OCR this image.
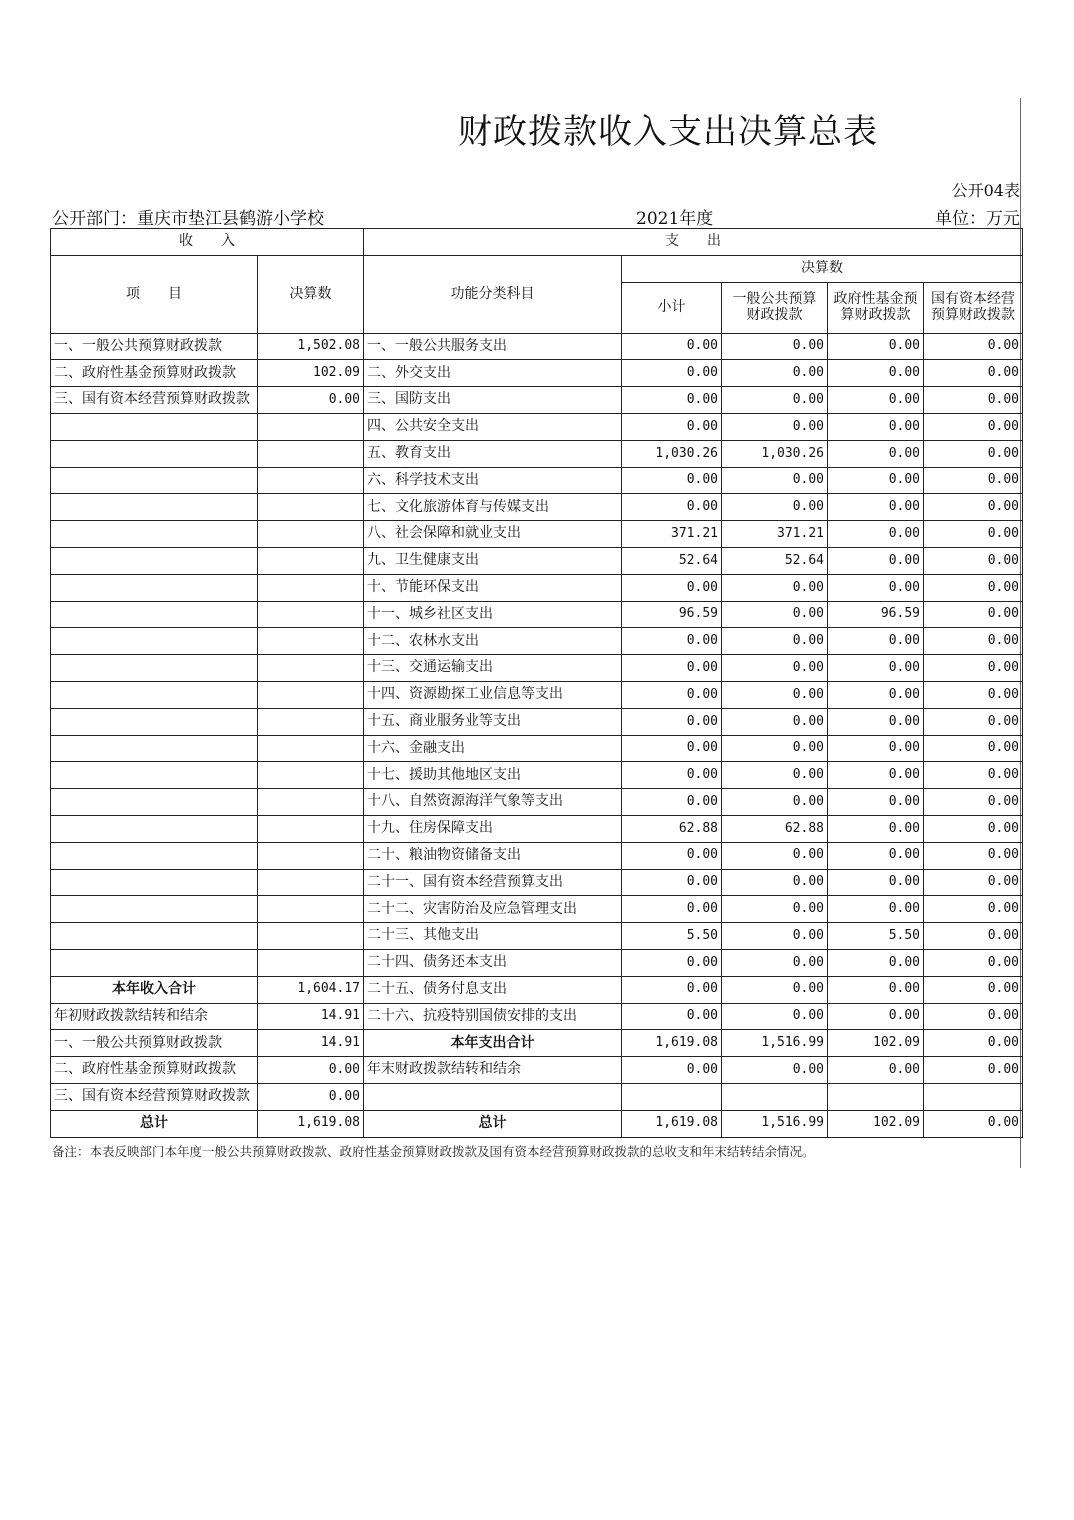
财政拨款收入支出决算总表
公开04表
公开部门：重庆市垫江县鹤游小学校	2021年度	单位：万元
收　　入		支　　出				
项　　目	决算数	功能分类科目	决算数			
			小计	一般公共预算财政拨款	政府性基金预算财政拨款	国有资本经营预算财政拨款
一、一般公共预算财政拨款	1,502.08	一、一般公共服务支出	0.00	0.00	0.00	0.00
二、政府性基金预算财政拨款	102.09	二、外交支出	0.00	0.00	0.00	0.00
三、国有资本经营预算财政拨款	0.00	三、国防支出	0.00	0.00	0.00	0.00
		四、公共安全支出	0.00	0.00	0.00	0.00
		五、教育支出	1,030.26	1,030.26	0.00	0.00
		六、科学技术支出	0.00	0.00	0.00	0.00
		七、文化旅游体育与传媒支出	0.00	0.00	0.00	0.00
		八、社会保障和就业支出	371.21	371.21	0.00	0.00
		九、卫生健康支出	52.64	52.64	0.00	0.00
		十、节能环保支出	0.00	0.00	0.00	0.00
		十一、城乡社区支出	96.59	0.00	96.59	0.00
		十二、农林水支出	0.00	0.00	0.00	0.00
		十三、交通运输支出	0.00	0.00	0.00	0.00
		十四、资源勘探工业信息等支出	0.00	0.00	0.00	0.00
		十五、商业服务业等支出	0.00	0.00	0.00	0.00
		十六、金融支出	0.00	0.00	0.00	0.00
		十七、援助其他地区支出	0.00	0.00	0.00	0.00
		十八、自然资源海洋气象等支出	0.00	0.00	0.00	0.00
		十九、住房保障支出	62.88	62.88	0.00	0.00
		二十、粮油物资储备支出	0.00	0.00	0.00	0.00
		二十一、国有资本经营预算支出	0.00	0.00	0.00	0.00
		二十二、灾害防治及应急管理支出	0.00	0.00	0.00	0.00
		二十三、其他支出	5.50	0.00	5.50	0.00
		二十四、债务还本支出	0.00	0.00	0.00	0.00
本年收入合计	1,604.17	二十五、债务付息支出	0.00	0.00	0.00	0.00
年初财政拨款结转和结余	14.91	二十六、抗疫特别国债安排的支出	0.00	0.00	0.00	0.00
一、一般公共预算财政拨款	14.91	本年支出合计	1,619.08	1,516.99	102.09	0.00
二、政府性基金预算财政拨款	0.00	年末财政拨款结转和结余	0.00	0.00	0.00	0.00
三、国有资本经营预算财政拨款	0.00					
总计	1,619.08	总计	1,619.08	1,516.99	102.09	0.00
备注：本表反映部门本年度一般公共预算财政拨款、政府性基金预算财政拨款及国有资本经营预算财政拨款的总收支和年末结转结余情况。
